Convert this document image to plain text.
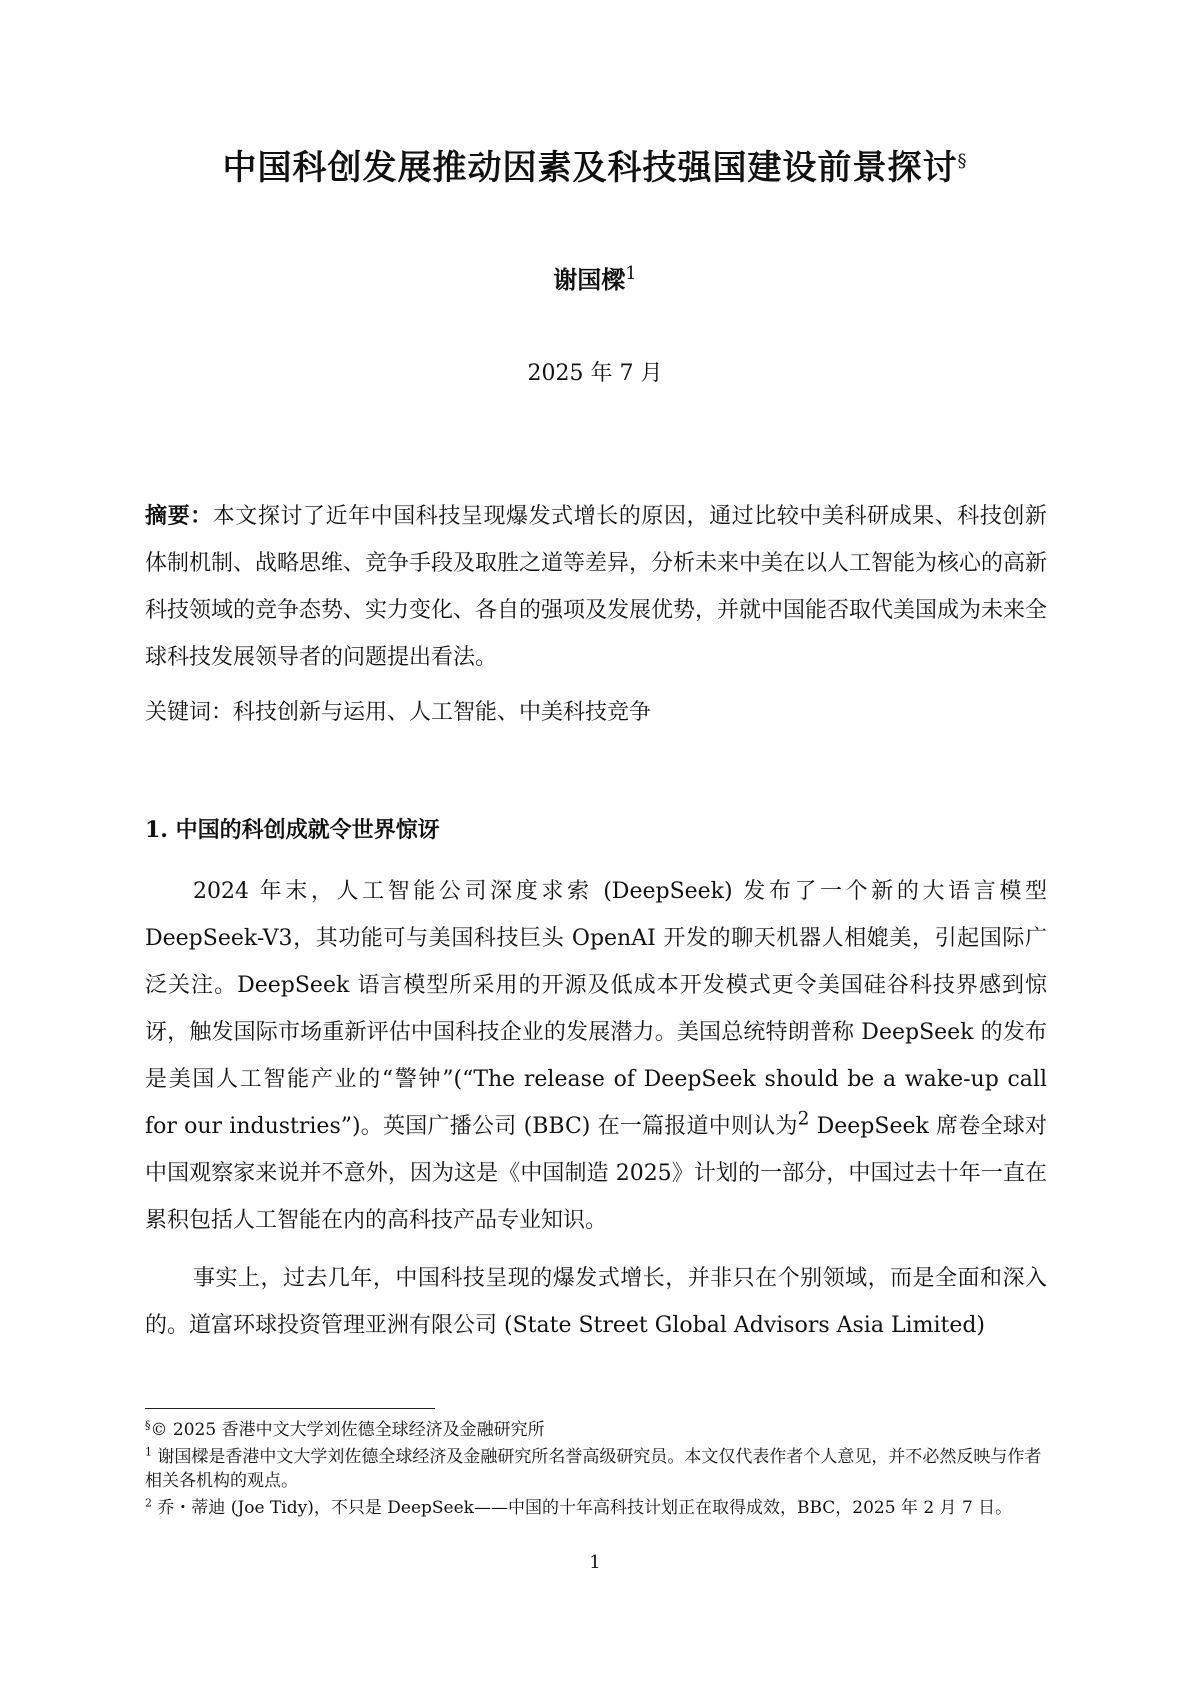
中国科创发展推动因素及科技强国建设前景探讨§
谢国樑$^1$
2025 年 7 月
摘要：本文探讨了近年中国科技呈现爆发式增长的原因，通过比较中美科研成果、科技创新体制机制、战略思维、竞争手段及取胜之道等差异，分析未来中美在以人工智能为核心的高新科技领域的竞争态势、实力变化、各自的强项及发展优势，并就中国能否取代美国成为未来全球科技发展领导者的问题提出看法。
关键词：科技创新与运用、人工智能、中美科技竞争
1. 中国的科创成就令世界惊讶
2024 年末，人工智能公司深度求索 (DeepSeek) 发布了一个新的大语言模型 DeepSeek-V3，其功能可与美国科技巨头 OpenAI 开发的聊天机器人相媲美，引起国际广泛关注。DeepSeek 语言模型所采用的开源及低成本开发模式更令美国硅谷科技界感到惊讶，触发国际市场重新评估中国科技企业的发展潜力。美国总统特朗普称 DeepSeek 的发布是美国人工智能产业的“警钟”(“The release of DeepSeek should be a wake-up call for our industries”)。英国广播公司 (BBC) 在一篇报道中则认为$^2$ DeepSeek 席卷全球对中国观察家来说并不意外，因为这是《中国制造 2025》计划的一部分，中国过去十年一直在累积包括人工智能在内的高科技产品专业知识。
事实上，过去几年，中国科技呈现的爆发式增长，并非只在个别领域，而是全面和深入的。道富环球投资管理亚洲有限公司 (State Street Global Advisors Asia Limited)
§© 2025 香港中文大学刘佐德全球经济及金融研究所
$^1$ 谢国樑是香港中文大学刘佐德全球经济及金融研究所名誉高级研究员。本文仅代表作者个人意见，并不必然反映与作者相关各机构的观点。
$^2$ 乔・蒂迪 (Joe Tidy)，不只是 DeepSeek——中国的十年高科技计划正在取得成效，BBC，2025 年 2 月 7 日。
1
